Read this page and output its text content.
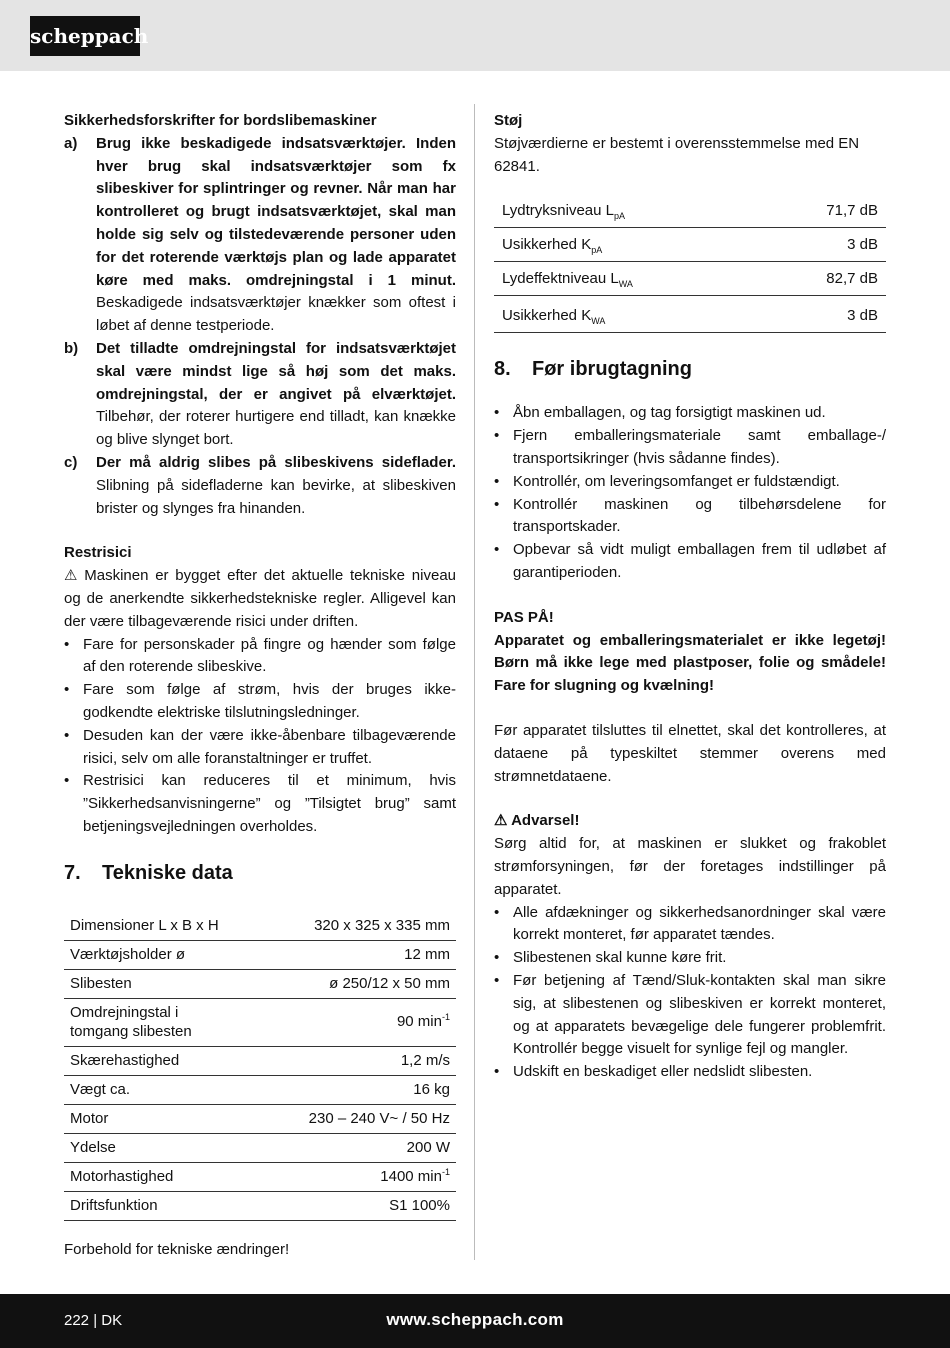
scheppach

Sikkerhedsforskrifter for bordslibemaskiner

a)	Brug ikke beskadigede indsatsværktøjer. Inden hver brug skal indsatsværktøjer som fx slibeskiver for splintringer og revner. Når man har kontrolleret og brugt indsatsværktøjet, skal man holde sig selv og tilstedeværende personer uden for det roterende værktøjs plan og lade apparatet køre med maks. omdrejningstal i 1 minut. Beskadigede indsatsværktøjer knækker som oftest i løbet af denne testperiode.
b)	Det tilladte omdrejningstal for indsatsværktøjet skal være mindst lige så høj som det maks. omdrejningstal, der er angivet på elværktøjet. Tilbehør, der roterer hurtigere end tilladt, kan knække og blive slynget bort.
c)	Der må aldrig slibes på slibeskivens sideflader. Slibning på sidefladerne kan bevirke, at slibeskiven brister og slynges fra hinanden.

Restrisici

⚠ Maskinen er bygget efter det aktuelle tekniske niveau og de anerkendte sikkerhedstekniske regler. Alligevel kan der være tilbageværende risici under driften.

• Fare for personskader på fingre og hænder som følge af den roterende slibeskive.
• Fare som følge af strøm, hvis der bruges ikke-godkendte elektriske tilslutningsledninger.
• Desuden kan der være ikke-åbenbare tilbageværende risici, selv om alle foranstaltninger er truffet.
• Restrisici kan reduceres til et minimum, hvis ”Sikkerhedsanvisningerne” og ”Tilsigtet brug” samt betjeningsvejledningen overholdes.

7. Tekniske data

Dimensioner L x B x H	320 x 325 x 335 mm
Værktøjsholder ø	12 mm
Slibesten	ø 250/12 x 50 mm
Omdrejningstal i tomgang slibesten	90 $\min^{-1}$
Skærehastighed	1,2 m/s
Vægt ca.	16 kg
Motor	230 – 240 V~ / 50 Hz
Ydelse	200 W
Motorhastighed	1400 $\min^{-1}$
Driftsfunktion	S1 100%

Forbehold for tekniske ændringer!

Støj

Støjværdierne er bestemt i overensstemmelse med EN 62841.

Lydtryksniveau $L_{pA}$	71,7 dB
Usikkerhed $K_{pA}$	3 dB
Lydeffektniveau $L_{WA}$	82,7 dB
Usikkerhed $K_{WA}$	3 dB

8. Før ibrugtagning

• Åbn emballagen, og tag forsigtigt maskinen ud.
• Fjern emballeringsmateriale samt emballage-/ transportsikringer (hvis sådanne findes).
• Kontrollér, om leveringsomfanget er fuldstændigt.
• Kontrollér maskinen og tilbehørsdelene for transportskader.
• Opbevar så vidt muligt emballagen frem til udløbet af garantiperioden.

PAS PÅ!

Apparatet og emballeringsmaterialet er ikke legetøj! Børn må ikke lege med plastposer, folie og smådele! Fare for slugning og kvælning!

Før apparatet tilsluttes til elnettet, skal det kontrolleres, at dataene på typeskiltet stemmer overens med strømnetdataene.

⚠ Advarsel!

Sørg altid for, at maskinen er slukket og frakoblet strømforsyningen, før der foretages indstillinger på apparatet.

• Alle afdækninger og sikkerhedsanordninger skal være korrekt monteret, før apparatet tændes.
• Slibestenen skal kunne køre frit.
• Før betjening af Tænd/Sluk-kontakten skal man sikre sig, at slibestenen og slibeskiven er korrekt monteret, og at apparatets bevægelige dele fungerer problemfrit. Kontrollér begge visuelt for synlige fejl og mangler.
• Udskift en beskadiget eller nedslidt slibesten.
222 | DK	www.scheppach.com
